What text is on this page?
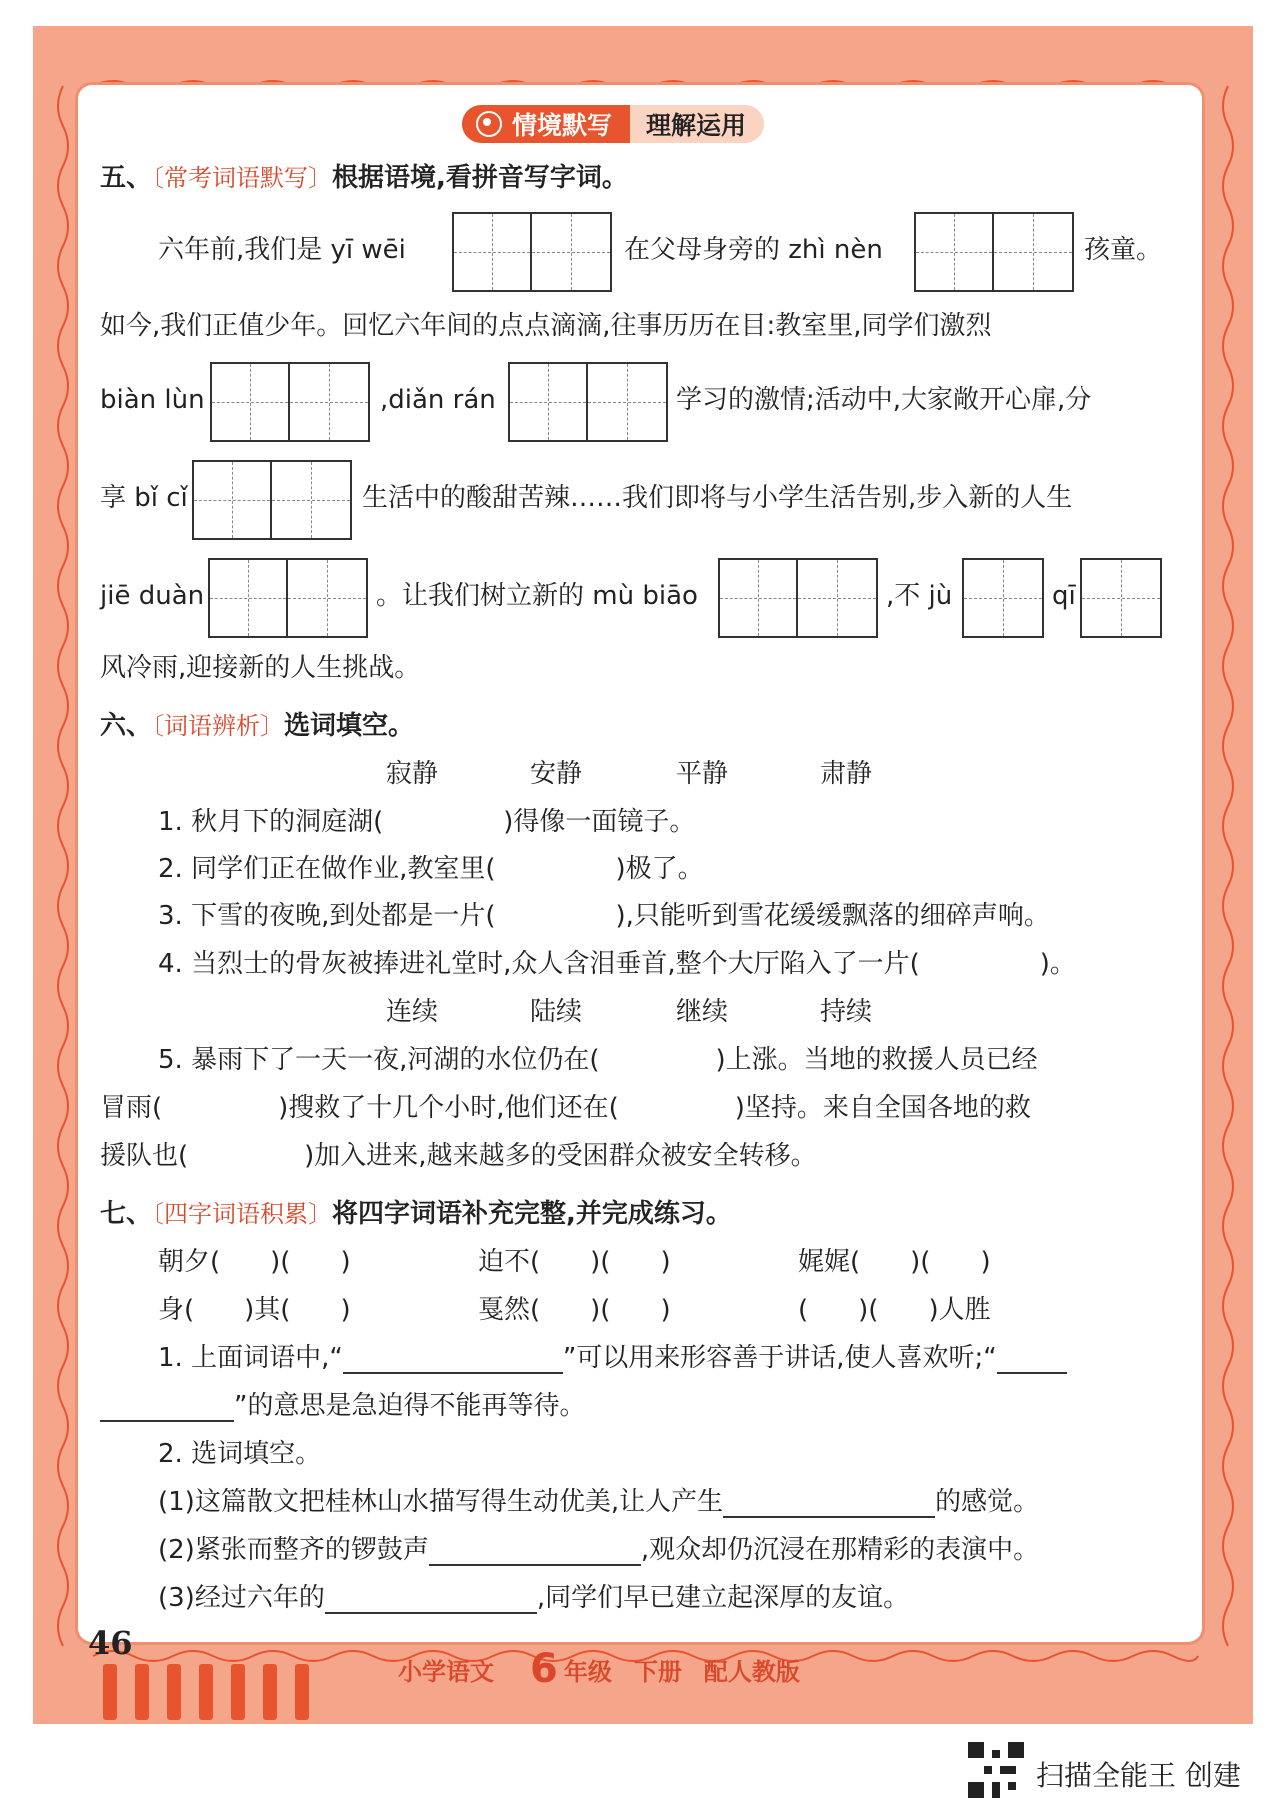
情境默写 理解运用
五、〔常考词语默写〕根据语境,看拼音写字词。
六年前,我们是 yī wēi	在父母身旁的 zhì nèn	孩童。
如今,我们正值少年。回忆六年间的点点滴滴,往事历历在目:教室里,同学们激烈
biàn lùn	,diǎn rán	学习的激情;活动中,大家敞开心扉,分
享 bǐ cǐ	生活中的酸甜苦辣……我们即将与小学生活告别,步入新的人生
jiē duàn	。让我们树立新的 mù biāo	,不 jù	qī
风冷雨,迎接新的人生挑战。
六、〔词语辨析〕选词填空。
寂静	安静	平静	肃静
1. 秋月下的洞庭湖(	)得像一面镜子。
2. 同学们正在做作业,教室里(	)极了。
3. 下雪的夜晚,到处都是一片(	),只能听到雪花缓缓飘落的细碎声响。
4. 当烈士的骨灰被捧进礼堂时,众人含泪垂首,整个大厅陷入了一片(	)。
连续	陆续	继续	持续
5. 暴雨下了一天一夜,河湖的水位仍在(	)上涨。当地的救援人员已经
冒雨(	)搜救了十几个小时,他们还在(	)坚持。来自全国各地的救
援队也(	)加入进来,越来越多的受困群众被安全转移。
七、〔四字词语积累〕将四字词语补充完整,并完成练习。
朝夕( )( )	迫不( )( )	娓娓( )( )
身( )其( )	戛然( )( )	( )( )人胜
1. 上面词语中,“	”可以用来形容善于讲话,使人喜欢听;“
”的意思是急迫得不能再等待。
2. 选词填空。
(1)这篇散文把桂林山水描写得生动优美,让人产生	的感觉。
(2)紧张而整齐的锣鼓声	,观众却仍沉浸在那精彩的表演中。
(3)经过六年的	,同学们早已建立起深厚的友谊。
46
小学语文 6 年级 下册 配人教版
扫描全能王 创建
